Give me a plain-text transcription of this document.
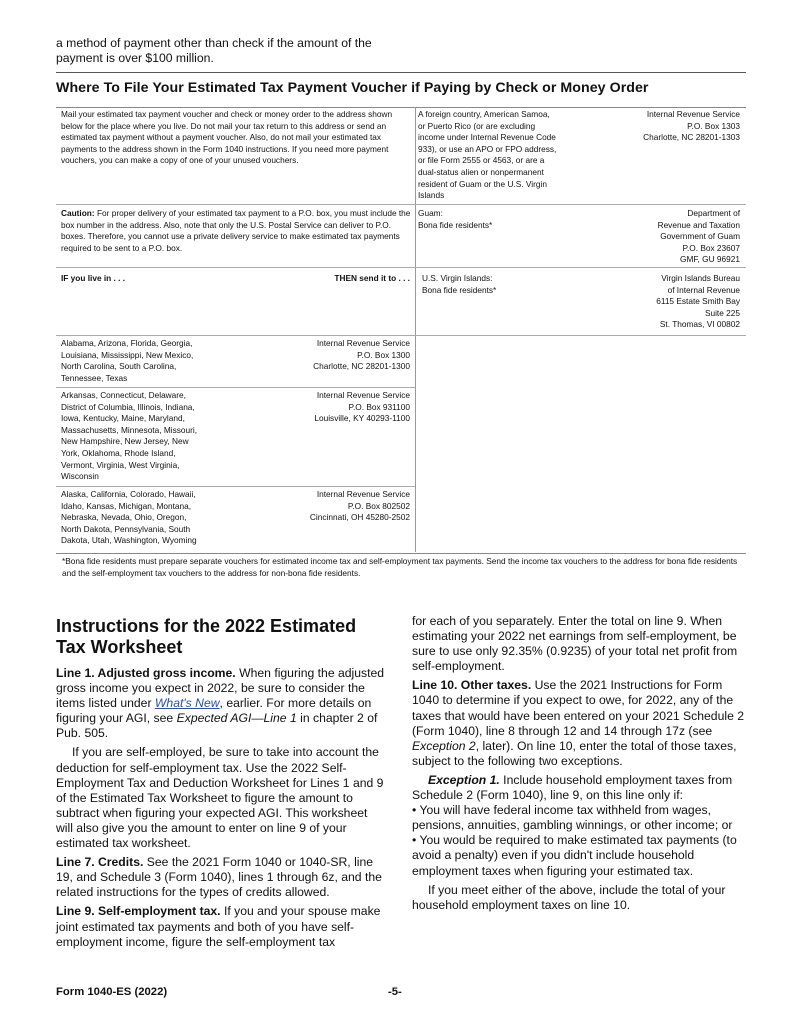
a method of payment other than check if the amount of the payment is over $100 million.
Where To File Your Estimated Tax Payment Voucher if Paying by Check or Money Order
Mail your estimated tax payment voucher and check or money order to the address shown below for the place where you live. Do not mail your tax return to this address or send an estimated tax payment without a payment voucher. Also, do not mail your estimated tax payments to the address shown in the Form 1040 instructions. If you need more payment vouchers, you can make a copy of one of your unused vouchers.
Caution: For proper delivery of your estimated tax payment to a P.O. box, you must include the box number in the address. Also, note that only the U.S. Postal Service can deliver to P.O. boxes. Therefore, you cannot use a private delivery service to make estimated tax payments required to be sent to a P.O. box.
IF you live in . . .	THEN send it to . . .
Alabama, Arizona, Florida, Georgia,
Louisiana, Mississippi, New Mexico,
North Carolina, South Carolina,
Tennessee, Texas
Internal Revenue Service
P.O. Box 1300
Charlotte, NC 28201-1300
Arkansas, Connecticut, Delaware,
District of Columbia, Illinois, Indiana,
Iowa, Kentucky, Maine, Maryland,
Massachusetts, Minnesota, Missouri,
New Hampshire, New Jersey, New
York, Oklahoma, Rhode Island,
Vermont, Virginia, West Virginia,
Wisconsin
Internal Revenue Service
P.O. Box 931100
Louisville, KY 40293-1100
Alaska, California, Colorado, Hawaii,
Idaho, Kansas, Michigan, Montana,
Nebraska, Nevada, Ohio, Oregon,
North Dakota, Pennsylvania, South
Dakota, Utah, Washington, Wyoming
Internal Revenue Service
P.O. Box 802502
Cincinnati, OH 45280-2502
A foreign country, American Samoa,
or Puerto Rico (or are excluding
income under Internal Revenue Code
933), or use an APO or FPO address,
or file Form 2555 or 4563, or are a
dual-status alien or nonpermanent
resident of Guam or the U.S. Virgin
Islands
Internal Revenue Service
P.O. Box 1303
Charlotte, NC 28201-1303
Guam:
Bona fide residents*
Department of
Revenue and Taxation
Government of Guam
P.O. Box 23607
GMF, GU 96921
U.S. Virgin Islands:
Bona fide residents*
Virgin Islands Bureau
of Internal Revenue
6115 Estate Smith Bay
Suite 225
St. Thomas, VI 00802
*Bona fide residents must prepare separate vouchers for estimated income tax and self-employment tax payments. Send the income tax vouchers to the address for bona fide residents and the self-employment tax vouchers to the address for non-bona fide residents.
Instructions for the 2022 Estimated Tax Worksheet

Line 1. Adjusted gross income. When figuring the adjusted gross income you expect in 2022, be sure to consider the items listed under What's New, earlier. For more details on figuring your AGI, see Expected AGI—Line 1 in chapter 2 of Pub. 505.

If you are self-employed, be sure to take into account the deduction for self-employment tax. Use the 2022 Self-Employment Tax and Deduction Worksheet for Lines 1 and 9 of the Estimated Tax Worksheet to figure the amount to subtract when figuring your expected AGI. This worksheet will also give you the amount to enter on line 9 of your estimated tax worksheet.

Line 7. Credits. See the 2021 Form 1040 or 1040-SR, line 19, and Schedule 3 (Form 1040), lines 1 through 6z, and the related instructions for the types of credits allowed.

Line 9. Self-employment tax. If you and your spouse make joint estimated tax payments and both of you have self-employment income, figure the self-employment tax

for each of you separately. Enter the total on line 9. When estimating your 2022 net earnings from self-employment, be sure to use only 92.35% (0.9235) of your total net profit from self-employment.

Line 10. Other taxes. Use the 2021 Instructions for Form 1040 to determine if you expect to owe, for 2022, any of the taxes that would have been entered on your 2021 Schedule 2 (Form 1040), line 8 through 12 and 14 through 17z (see Exception 2, later). On line 10, enter the total of those taxes, subject to the following two exceptions.

Exception 1. Include household employment taxes from Schedule 2 (Form 1040), line 9, on this line only if:

• You will have federal income tax withheld from wages, pensions, annuities, gambling winnings, or other income; or

• You would be required to make estimated tax payments (to avoid a penalty) even if you didn't include household employment taxes when figuring your estimated tax.

If you meet either of the above, include the total of your household employment taxes on line 10.

Form 1040-ES (2022)	-5-
